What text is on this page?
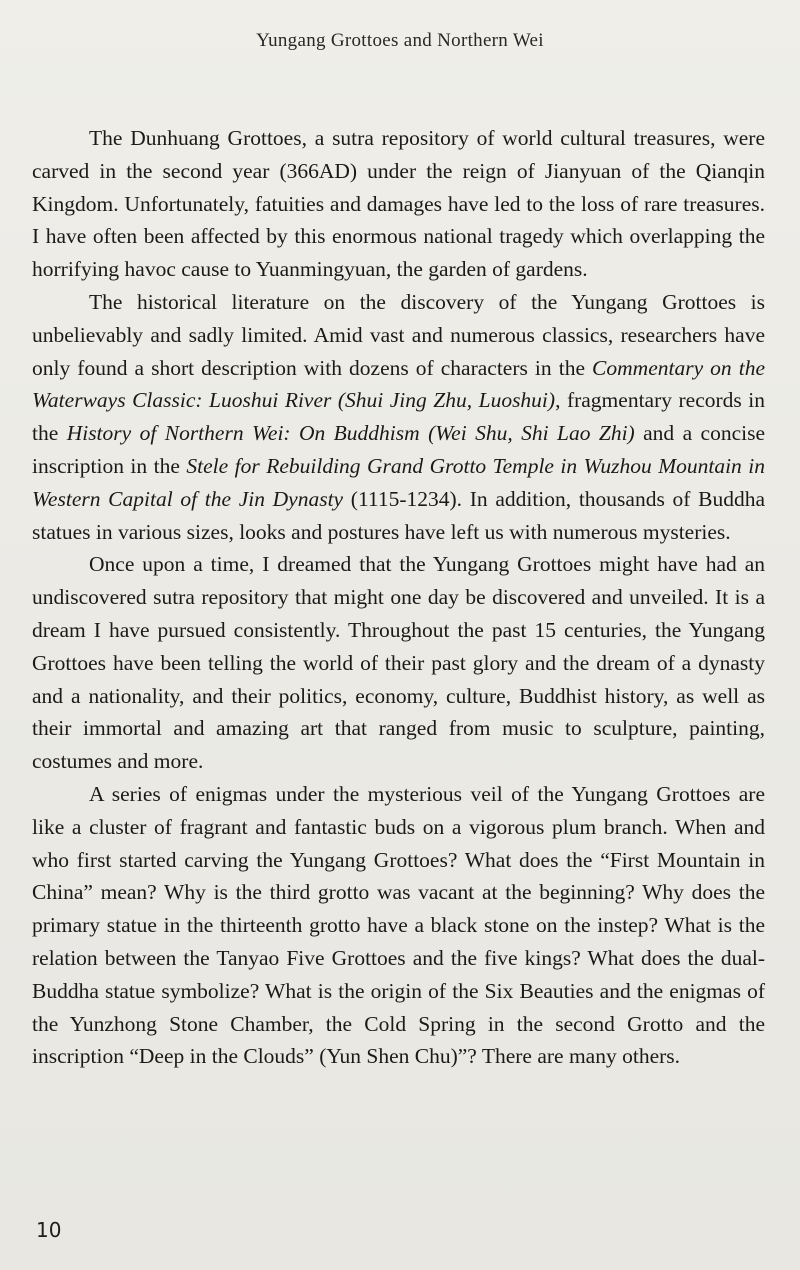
Yungang Grottoes and Northern Wei

The Dunhuang Grottoes, a sutra repository of world cultural treasures, were carved in the second year (366AD) under the reign of Jianyuan of the Qianqin Kingdom. Unfortunately, fatuities and damages have led to the loss of rare treasures. I have often been affected by this enormous national tragedy which overlapping the horrifying havoc cause to Yuanmingyuan, the garden of gardens.

The historical literature on the discovery of the Yungang Grottoes is unbelievably and sadly limited. Amid vast and numerous classics, researchers have only found a short description with dozens of characters in the Commentary on the Waterways Classic: Luoshui River (Shui Jing Zhu, Luoshui), fragmentary records in the History of Northern Wei: On Buddhism (Wei Shu, Shi Lao Zhi) and a concise inscription in the Stele for Rebuilding Grand Grotto Temple in Wuzhou Mountain in Western Capital of the Jin Dynasty (1115-1234). In addition, thousands of Buddha statues in various sizes, looks and postures have left us with numerous mysteries.

Once upon a time, I dreamed that the Yungang Grottoes might have had an undiscovered sutra repository that might one day be discovered and unveiled. It is a dream I have pursued consistently. Throughout the past 15 centuries, the Yungang Grottoes have been telling the world of their past glory and the dream of a dynasty and a nationality, and their politics, economy, culture, Buddhist history, as well as their immortal and amazing art that ranged from music to sculpture, painting, costumes and more.

A series of enigmas under the mysterious veil of the Yungang Grottoes are like a cluster of fragrant and fantastic buds on a vigorous plum branch. When and who first started carving the Yungang Grottoes? What does the “First Mountain in China” mean? Why is the third grotto was vacant at the beginning? Why does the primary statue in the thirteenth grotto have a black stone on the instep? What is the relation between the Tanyao Five Grottoes and the five kings? What does the dual-Buddha statue symbolize? What is the origin of the Six Beauties and the enigmas of the Yunzhong Stone Chamber, the Cold Spring in the second Grotto and the inscription “Deep in the Clouds” (Yun Shen Chu)”? There are many others.

10
